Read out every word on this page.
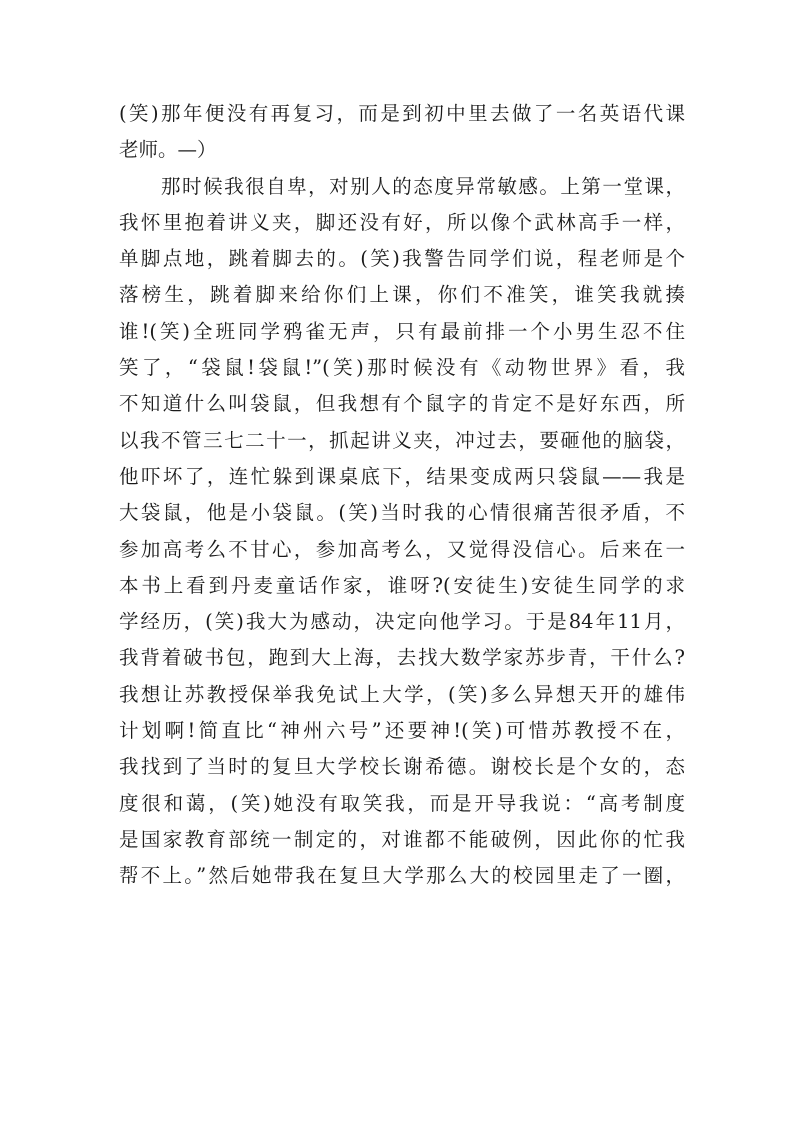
(笑)那年便没有再复习，而是到初中里去做了一名英语代课
老师。—）
　　那时候我很自卑，对别人的态度异常敏感。上第一堂课，
我怀里抱着讲义夹，脚还没有好，所以像个武林高手一样，
单脚点地，跳着脚去的。(笑)我警告同学们说，程老师是个
落榜生，跳着脚来给你们上课，你们不准笑，谁笑我就揍
谁!(笑)全班同学鸦雀无声，只有最前排一个小男生忍不住
笑了，“袋鼠!袋鼠!”(笑)那时候没有《动物世界》看，我
不知道什么叫袋鼠，但我想有个鼠字的肯定不是好东西，所
以我不管三七二十一，抓起讲义夹，冲过去，要砸他的脑袋，
他吓坏了，连忙躲到课桌底下，结果变成两只袋鼠——我是
大袋鼠，他是小袋鼠。(笑)当时我的心情很痛苦很矛盾，不
参加高考么不甘心，参加高考么，又觉得没信心。后来在一
本书上看到丹麦童话作家，谁呀?(安徒生)安徒生同学的求
学经历，(笑)我大为感动，决定向他学习。于是84年11月，
我背着破书包，跑到大上海，去找大数学家苏步青，干什么?
我想让苏教授保举我免试上大学，(笑)多么异想天开的雄伟
计划啊!简直比“神州六号”还要神!(笑)可惜苏教授不在，
我找到了当时的复旦大学校长谢希德。谢校长是个女的，态
度很和蔼，(笑)她没有取笑我，而是开导我说：“高考制度
是国家教育部统一制定的，对谁都不能破例，因此你的忙我
帮不上。”然后她带我在复旦大学那么大的校园里走了一圈，
